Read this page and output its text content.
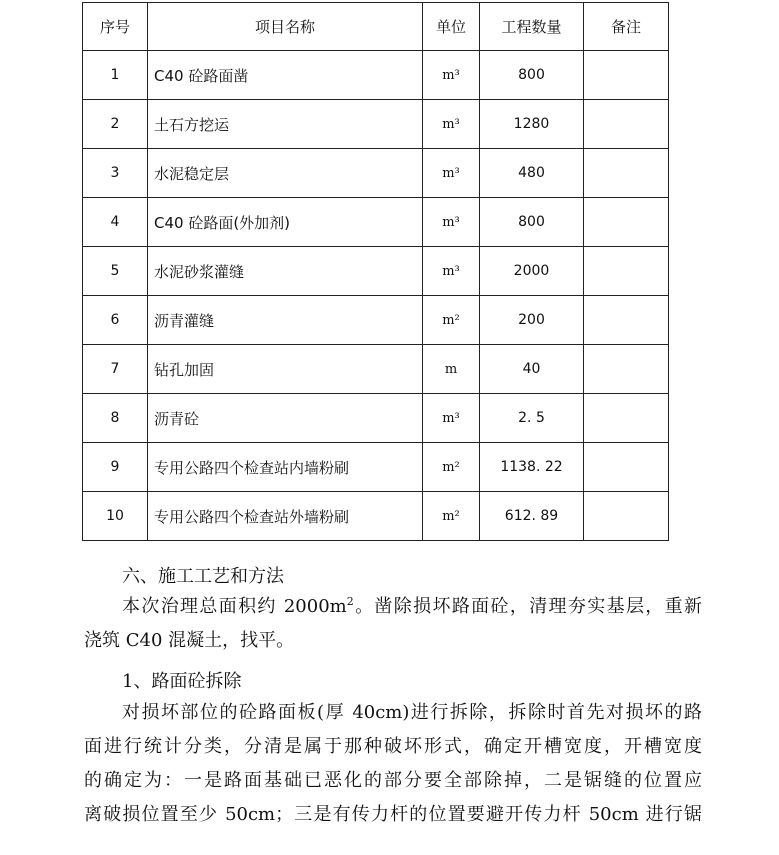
序号	项目名称	单位	工程数量	备注
1	C40 砼路面凿	m³	800	
2	土石方挖运	m³	1280	
3	水泥稳定层	m³	480	
4	C40 砼路面(外加剂)	m³	800	
5	水泥砂浆灌缝	m³	2000	
6	沥青灌缝	m²	200	
7	钻孔加固	m	40	
8	沥青砼	m³	2. 5	
9	专用公路四个检查站内墙粉刷	m²	1138. 22	
10	专用公路四个检查站外墙粉刷	m²	612. 89	
六、施工工艺和方法
本次治理总面积约 $2000m^2$。凿除损坏路面砼，清理夯实基层，重新
浇筑 C40 混凝土，找平。
1、路面砼拆除
对损坏部位的砼路面板(厚 40cm)进行拆除，拆除时首先对损坏的路
面进行统计分类，分清是属于那种破坏形式，确定开槽宽度，开槽宽度
的确定为：一是路面基础已恶化的部分要全部除掉，二是锯缝的位置应
离破损位置至少 50cm；三是有传力杆的位置要避开传力杆 50cm 进行锯
